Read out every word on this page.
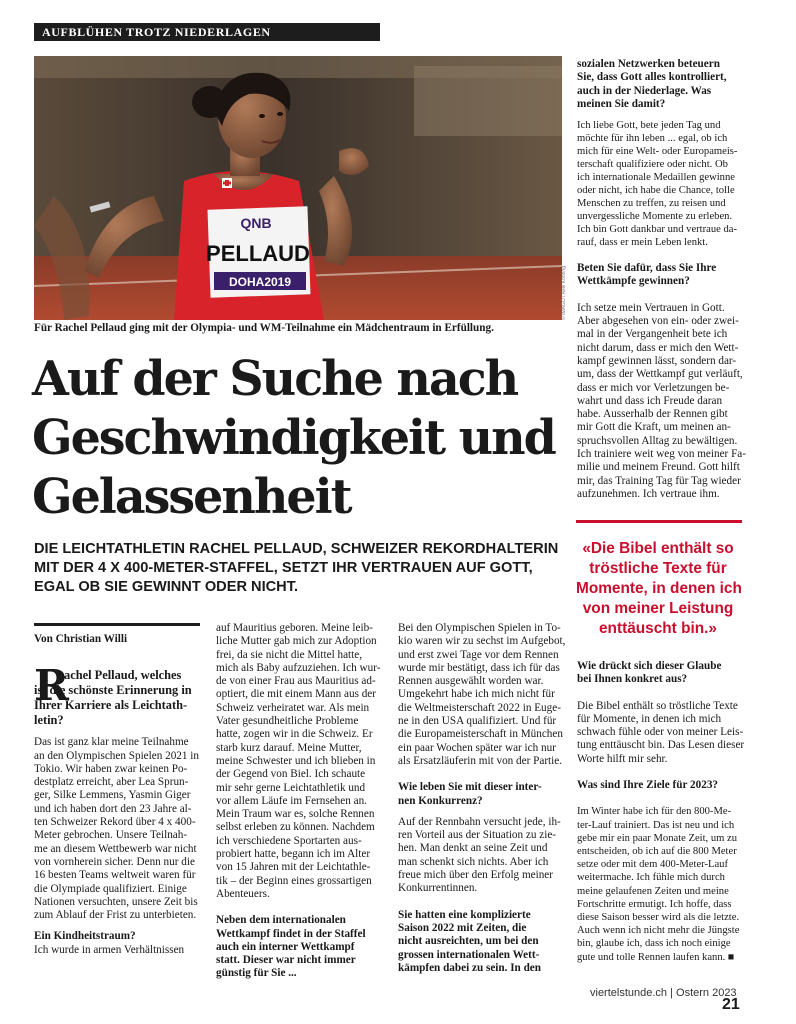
AUFBLÜHEN TROTZ NIEDERLAGEN
QNB
PELLAUD
DOHA2019	© IMAGO / Axel Kohring
Für Rachel Pellaud ging mit der Olympia- und WM-Teilnahme ein Mädchentraum in Erfüllung.
Auf der Suche nach
Geschwindigkeit und
Gelassenheit
DIE LEICHTATHLETIN RACHEL PELLAUD, SCHWEIZER REKORDHALTERIN
MIT DER 4 X 400-METER-STAFFEL, SETZT IHR VERTRAUEN AUF GOTT,
EGAL OB SIE GEWINNT ODER NICHT.
Von Christian Willi
R
achel Pellaud, welches
ist die schönste Erinnerung in
Ihrer Karriere als Leichtath-
letin?
Das ist ganz klar meine Teilnahme
an den Olympischen Spielen 2021 in
Tokio. Wir haben zwar keinen Po-
destplatz erreicht, aber Lea Sprun-
ger, Silke Lemmens, Yasmin Giger
und ich haben dort den 23 Jahre al-
ten Schweizer Rekord über 4 x 400-
Meter gebrochen. Unsere Teilnah-
me an diesem Wettbewerb war nicht
von vornherein sicher. Denn nur die
16 besten Teams weltweit waren für
die Olympiade qualifiziert. Einige
Nationen versuchten, unsere Zeit bis
zum Ablauf der Frist zu unterbieten.
Ein Kindheitstraum?
Ich wurde in armen Verhältnissen
auf Mauritius geboren. Meine leib-
liche Mutter gab mich zur Adoption
frei, da sie nicht die Mittel hatte,
mich als Baby aufzuziehen. Ich wur-
de von einer Frau aus Mauritius ad-
optiert, die mit einem Mann aus der
Schweiz verheiratet war. Als mein
Vater gesundheitliche Probleme
hatte, zogen wir in die Schweiz. Er
starb kurz darauf. Meine Mutter,
meine Schwester und ich blieben in
der Gegend von Biel. Ich schaute
mir sehr gerne Leichtathletik und
vor allem Läufe im Fernsehen an.
Mein Traum war es, solche Rennen
selbst erleben zu können. Nachdem
ich verschiedene Sportarten aus-
probiert hatte, begann ich im Alter
von 15 Jahren mit der Leichtathle-
tik – der Beginn eines grossartigen
Abenteuers.
Neben dem internationalen
Wettkampf findet in der Staffel
auch ein interner Wettkampf
statt. Dieser war nicht immer
günstig für Sie ...
Bei den Olympischen Spielen in To-
kio waren wir zu sechst im Aufgebot,
und erst zwei Tage vor dem Rennen
wurde mir bestätigt, dass ich für das
Rennen ausgewählt worden war.
Umgekehrt habe ich mich nicht für
die Weltmeisterschaft 2022 in Euge-
ne in den USA qualifiziert. Und für
die Europameisterschaft in München
ein paar Wochen später war ich nur
als Ersatzläuferin mit von der Partie.
Wie leben Sie mit dieser inter-
nen Konkurrenz?
Auf der Rennbahn versucht jede, ih-
ren Vorteil aus der Situation zu zie-
hen. Man denkt an seine Zeit und
man schenkt sich nichts. Aber ich
freue mich über den Erfolg meiner
Konkurrentinnen.
Sie hatten eine komplizierte
Saison 2022 mit Zeiten, die
nicht ausreichten, um bei den
grossen internationalen Wett-
kämpfen dabei zu sein. In den
sozialen Netzwerken beteuern
Sie, dass Gott alles kontrolliert,
auch in der Niederlage. Was
meinen Sie damit?
Ich liebe Gott, bete jeden Tag und
möchte für ihn leben ... egal, ob ich
mich für eine Welt- oder Europameis-
terschaft qualifiziere oder nicht. Ob
ich internationale Medaillen gewinne
oder nicht, ich habe die Chance, tolle
Menschen zu treffen, zu reisen und
unvergessliche Momente zu erleben.
Ich bin Gott dankbar und vertraue da-
rauf, dass er mein Leben lenkt.
Beten Sie dafür, dass Sie Ihre
Wettkämpfe gewinnen?
Ich setze mein Vertrauen in Gott.
Aber abgesehen von ein- oder zwei-
mal in der Vergangenheit bete ich
nicht darum, dass er mich den Wett-
kampf gewinnen lässt, sondern dar-
um, dass der Wettkampf gut verläuft,
dass er mich vor Verletzungen be-
wahrt und dass ich Freude daran
habe. Ausserhalb der Rennen gibt
mir Gott die Kraft, um meinen an-
spruchsvollen Alltag zu bewältigen.
Ich trainiere weit weg von meiner Fa-
milie und meinem Freund. Gott hilft
mir, das Training Tag für Tag wieder
aufzunehmen. Ich vertraue ihm.
«Die Bibel enthält so
tröstliche Texte für
Momente, in denen ich
von meiner Leistung
enttäuscht bin.»
Wie drückt sich dieser Glaube
bei Ihnen konkret aus?
Die Bibel enthält so tröstliche Texte
für Momente, in denen ich mich
schwach fühle oder von meiner Leis-
tung enttäuscht bin. Das Lesen dieser
Worte hilft mir sehr.
Was sind Ihre Ziele für 2023?
Im Winter habe ich für den 800-Me-
ter-Lauf trainiert. Das ist neu und ich
gebe mir ein paar Monate Zeit, um zu
entscheiden, ob ich auf die 800 Meter
setze oder mit dem 400-Meter-Lauf
weitermache. Ich fühle mich durch
meine gelaufenen Zeiten und meine
Fortschritte ermutigt. Ich hoffe, dass
diese Saison besser wird als die letzte.
Auch wenn ich nicht mehr die Jüngste
bin, glaube ich, dass ich noch einige
gute und tolle Rennen laufen kann. ■
viertelstunde.ch | Ostern 2023
21
